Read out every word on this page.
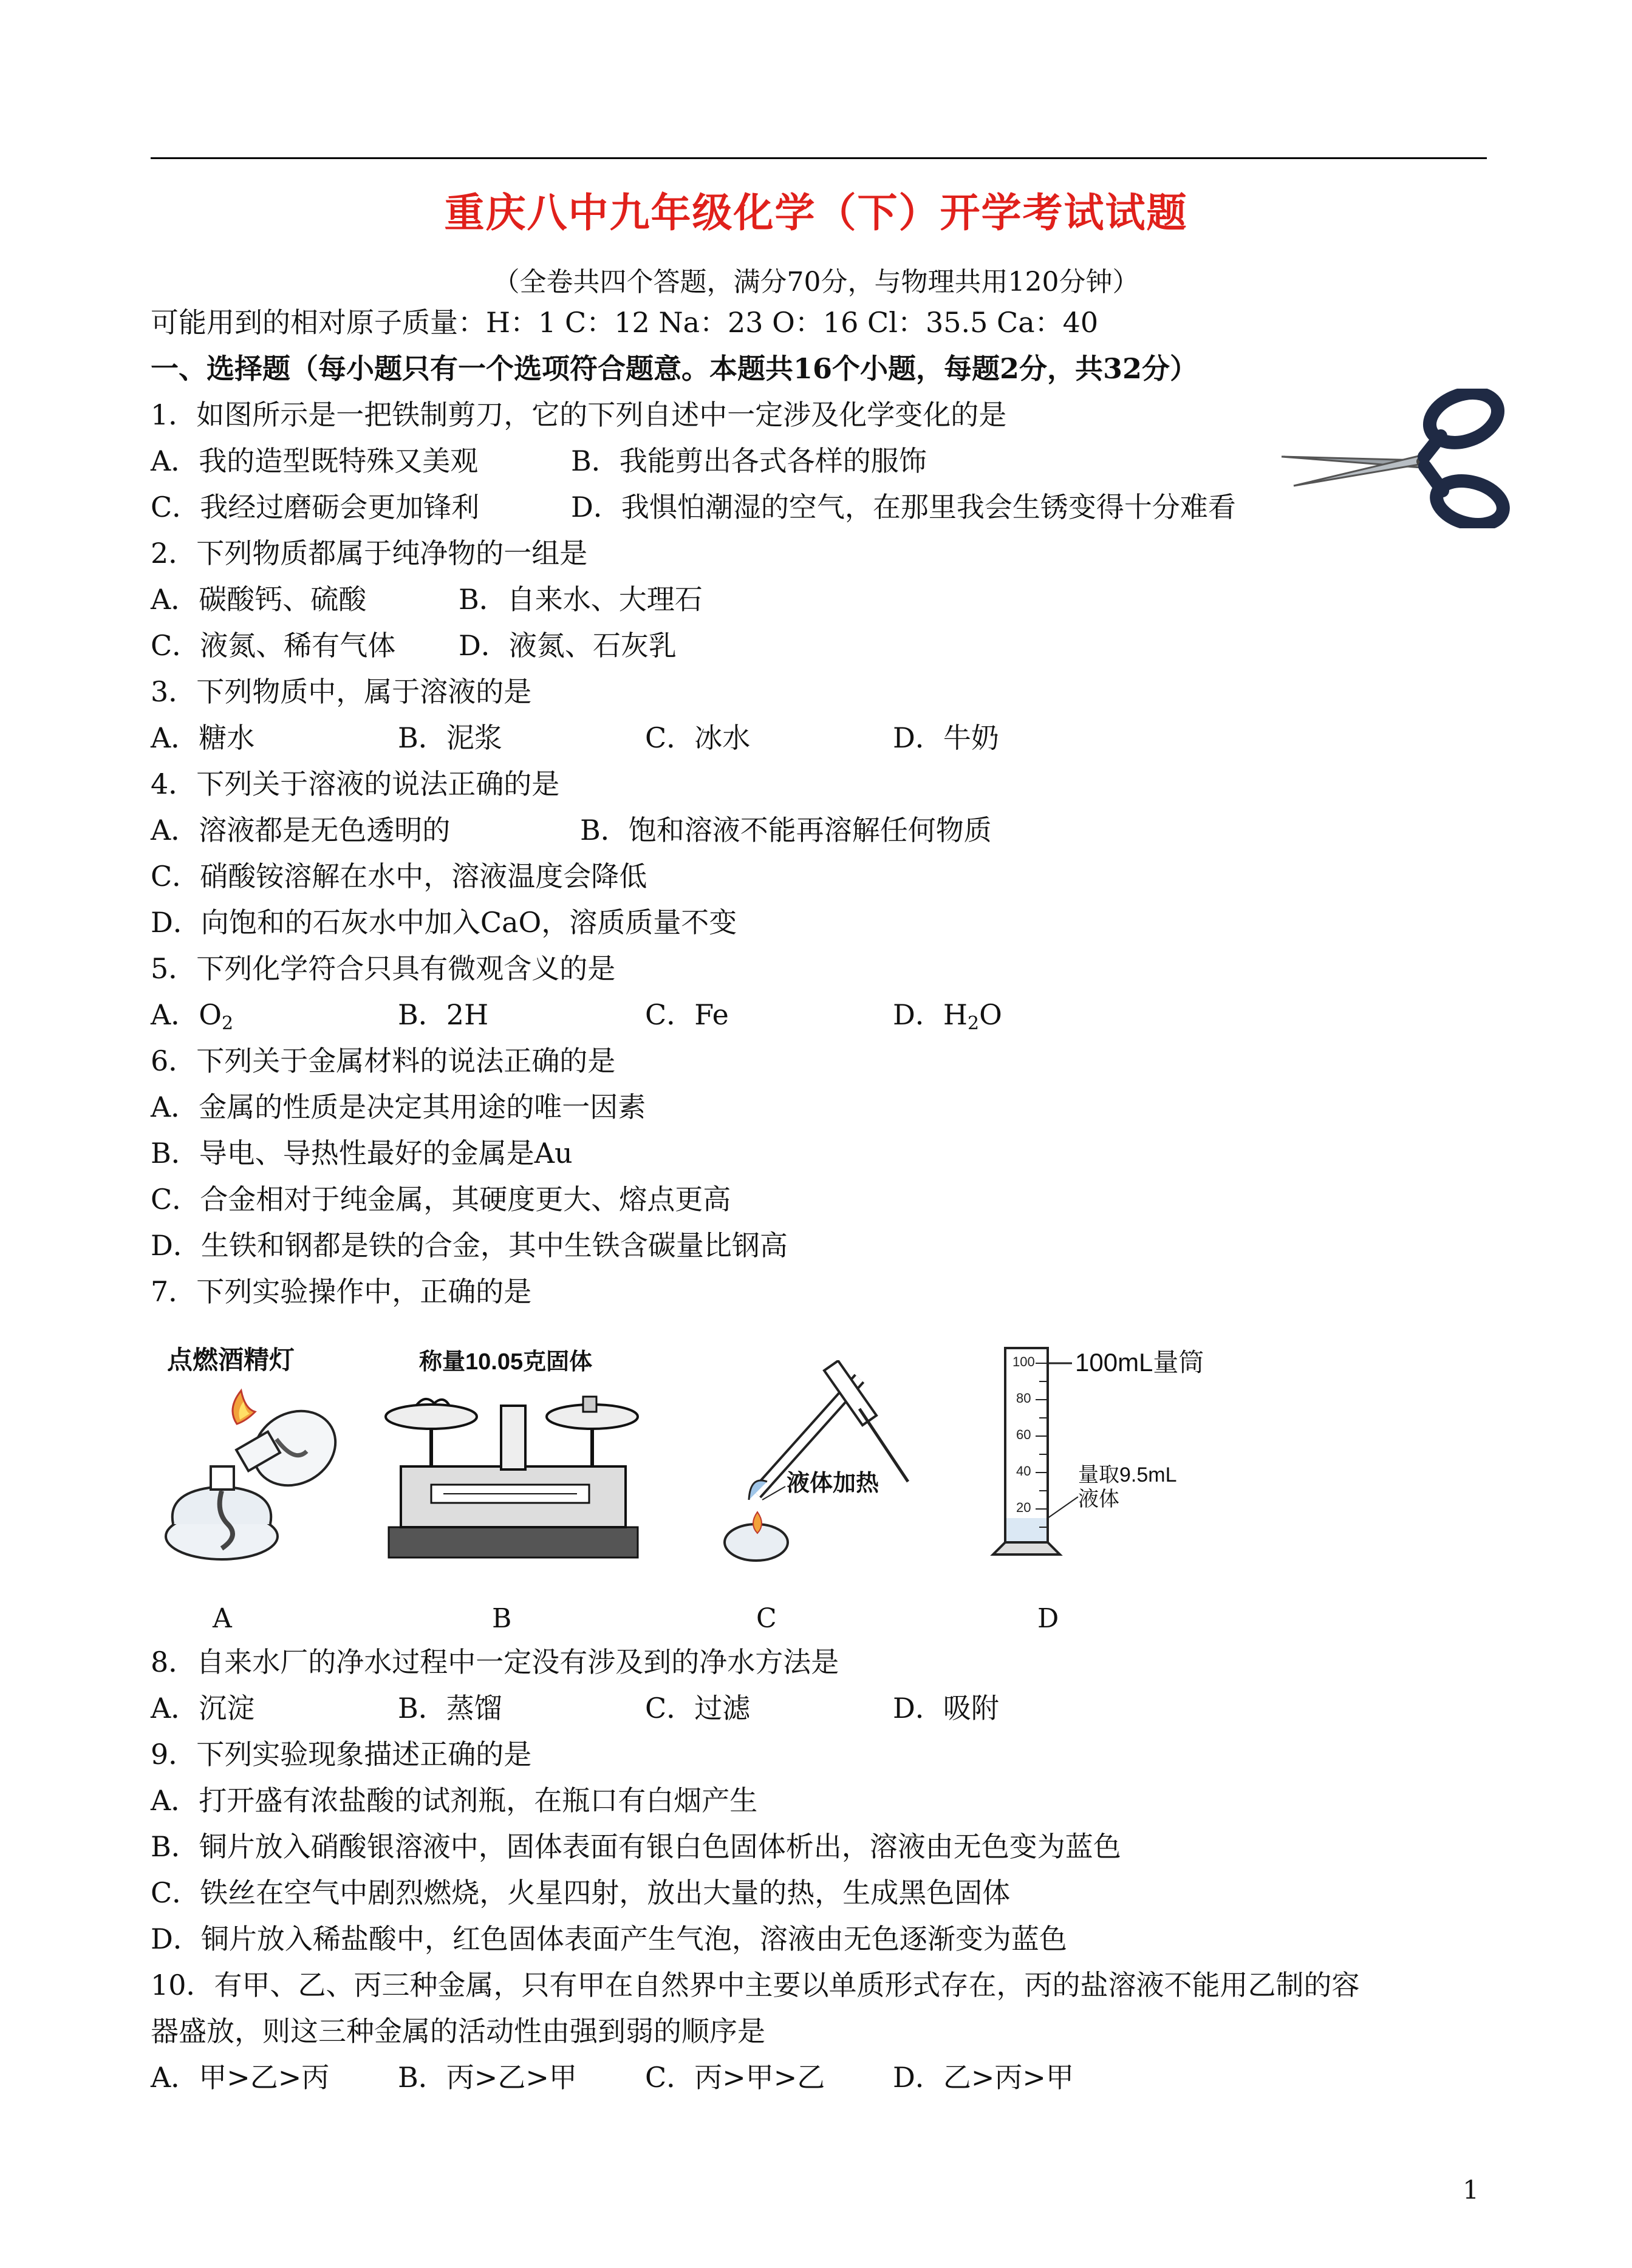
重庆八中九年级化学（下）开学考试试题
（全卷共四个答题，满分70分，与物理共用120分钟）
可能用到的相对原子质量：H：1 C：12 Na：23 O：16 Cl：35.5 Ca：40
一、选择题（每小题只有一个选项符合题意。本题共16个小题，每题2分，共32分）
1．如图所示是一把铁制剪刀，它的下列自述中一定涉及化学变化的是
A．我的造型既特殊又美观	B．我能剪出各式各样的服饰
C．我经过磨砺会更加锋利	D．我惧怕潮湿的空气，在那里我会生锈变得十分难看
2．下列物质都属于纯净物的一组是
A．碳酸钙、硫酸	B．自来水、大理石
C．液氮、稀有气体 D．液氮、石灰乳
3．下列物质中，属于溶液的是
A．糖水	B．泥浆	C．冰水	D．牛奶
4．下列关于溶液的说法正确的是
A．溶液都是无色透明的	B．饱和溶液不能再溶解任何物质
C．硝酸铵溶解在水中，溶液温度会降低
D．向饱和的石灰水中加入CaO，溶质质量不变
5．下列化学符合只具有微观含义的是
A．$O_2$	B．2H	C．Fe	D．$H_2O$
6．下列关于金属材料的说法正确的是
A．金属的性质是决定其用途的唯一因素
B．导电、导热性最好的金属是Au
C．合金相对于纯金属，其硬度更大、熔点更高
D．生铁和钢都是铁的合金，其中生铁含碳量比钢高
7．下列实验操作中，正确的是
点燃酒精灯	称量10.05克固体
液体加热
100
80
60
40
20
100mL量筒
量取9.5mL
液体
A	B	C	D
8．自来水厂的净水过程中一定没有涉及到的净水方法是
A．沉淀	B．蒸馏	C．过滤	D．吸附
9．下列实验现象描述正确的是
A．打开盛有浓盐酸的试剂瓶，在瓶口有白烟产生
B．铜片放入硝酸银溶液中，固体表面有银白色固体析出，溶液由无色变为蓝色
C．铁丝在空气中剧烈燃烧，火星四射，放出大量的热，生成黑色固体
D．铜片放入稀盐酸中，红色固体表面产生气泡，溶液由无色逐渐变为蓝色
10．有甲、乙、丙三种金属，只有甲在自然界中主要以单质形式存在，丙的盐溶液不能用乙制的容
器盛放，则这三种金属的活动性由强到弱的顺序是
A．甲>乙>丙 B．丙>乙>甲 C．丙>甲>乙 D．乙>丙>甲
1
